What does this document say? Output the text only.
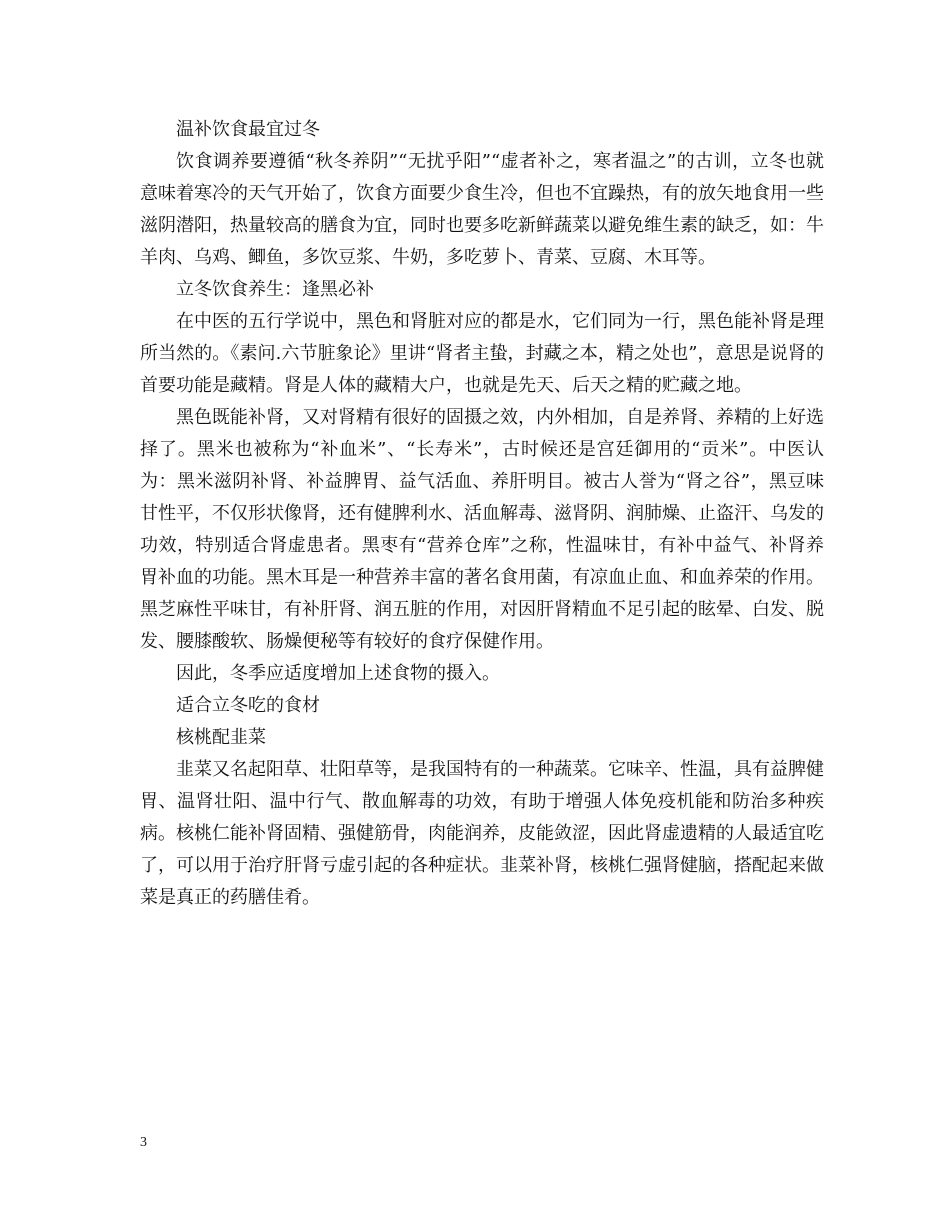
温补饮食最宜过冬

饮食调养要遵循“秋冬养阴”“无扰乎阳”“虚者补之，寒者温之”的古训，立冬也就意味着寒冷的天气开始了，饮食方面要少食生冷，但也不宜躁热，有的放矢地食用一些滋阴潜阳，热量较高的膳食为宜，同时也要多吃新鲜蔬菜以避免维生素的缺乏，如：牛羊肉、乌鸡、鲫鱼，多饮豆浆、牛奶，多吃萝卜、青菜、豆腐、木耳等。

立冬饮食养生：逢黑必补

在中医的五行学说中，黑色和肾脏对应的都是水，它们同为一行，黑色能补肾是理所当然的。《素问.六节脏象论》里讲“肾者主蛰，封藏之本，精之处也”，意思是说肾的首要功能是藏精。肾是人体的藏精大户，也就是先天、后天之精的贮藏之地。

黑色既能补肾，又对肾精有很好的固摄之效，内外相加，自是养肾、养精的上好选择了。黑米也被称为“补血米”、“长寿米”，古时候还是宫廷御用的“贡米”。中医认为：黑米滋阴补肾、补益脾胃、益气活血、养肝明目。被古人誉为“肾之谷”，黑豆味甘性平，不仅形状像肾，还有健脾利水、活血解毒、滋肾阴、润肺燥、止盗汗、乌发的功效，特别适合肾虚患者。黑枣有“营养仓库”之称，性温味甘，有补中益气、补肾养胃补血的功能。黑木耳是一种营养丰富的著名食用菌，有凉血止血、和血养荣的作用。黑芝麻性平味甘，有补肝肾、润五脏的作用，对因肝肾精血不足引起的眩晕、白发、脱发、腰膝酸软、肠燥便秘等有较好的食疗保健作用。

因此，冬季应适度增加上述食物的摄入。

适合立冬吃的食材

核桃配韭菜

韭菜又名起阳草、壮阳草等，是我国特有的一种蔬菜。它味辛、性温，具有益脾健胃、温肾壮阳、温中行气、散血解毒的功效，有助于增强人体免疫机能和防治多种疾病。核桃仁能补肾固精、强健筋骨，肉能润养，皮能敛涩，因此肾虚遗精的人最适宜吃了，可以用于治疗肝肾亏虚引起的各种症状。韭菜补肾，核桃仁强肾健脑，搭配起来做菜是真正的药膳佳肴。

3
